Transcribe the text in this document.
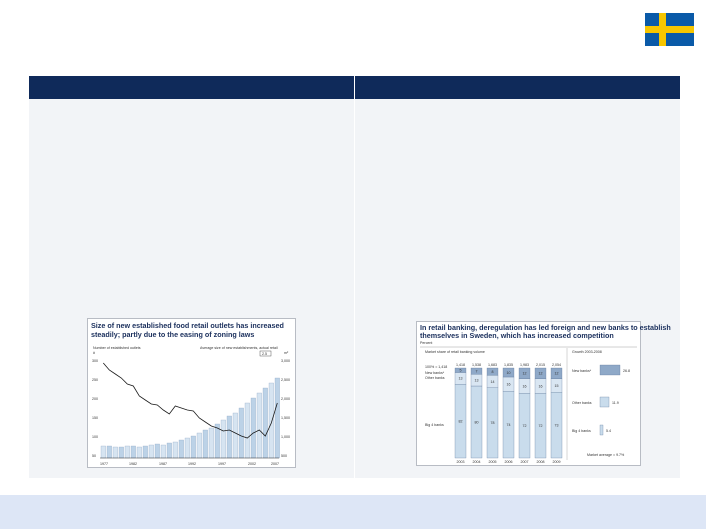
Size of new established food retail outlets has increased
steadily; partly due to the easing of zoning laws
Number of established outlets
#
Average size of new establishments, actual retail
m²
2.5
300
250
200
150
100
50
3,000
2,500
2,000
1,500
1,000
500
1977	1982	1987	1992	1997	2002	2007
In retail banking, deregulation has led foreign and new banks to establish
themselves in Sweden, which has increased competition
Percent
Market share of retail banking volume	Growth 2003-2008
100% = 1,418
New banks*
Other banks
Big 4 banks
1,418
5
13
82
2003
1,538
7
13
80
2004
1,683
8
14
78
2005
1,835
10
16
74
2006
1,983
12
16
72
2007
2,015
12
16
72
2008
2,054
12
15
73
2009
New banks*	26.8
Other banks	11.9
Big 4 banks	5.4
Market average = 9.7%
